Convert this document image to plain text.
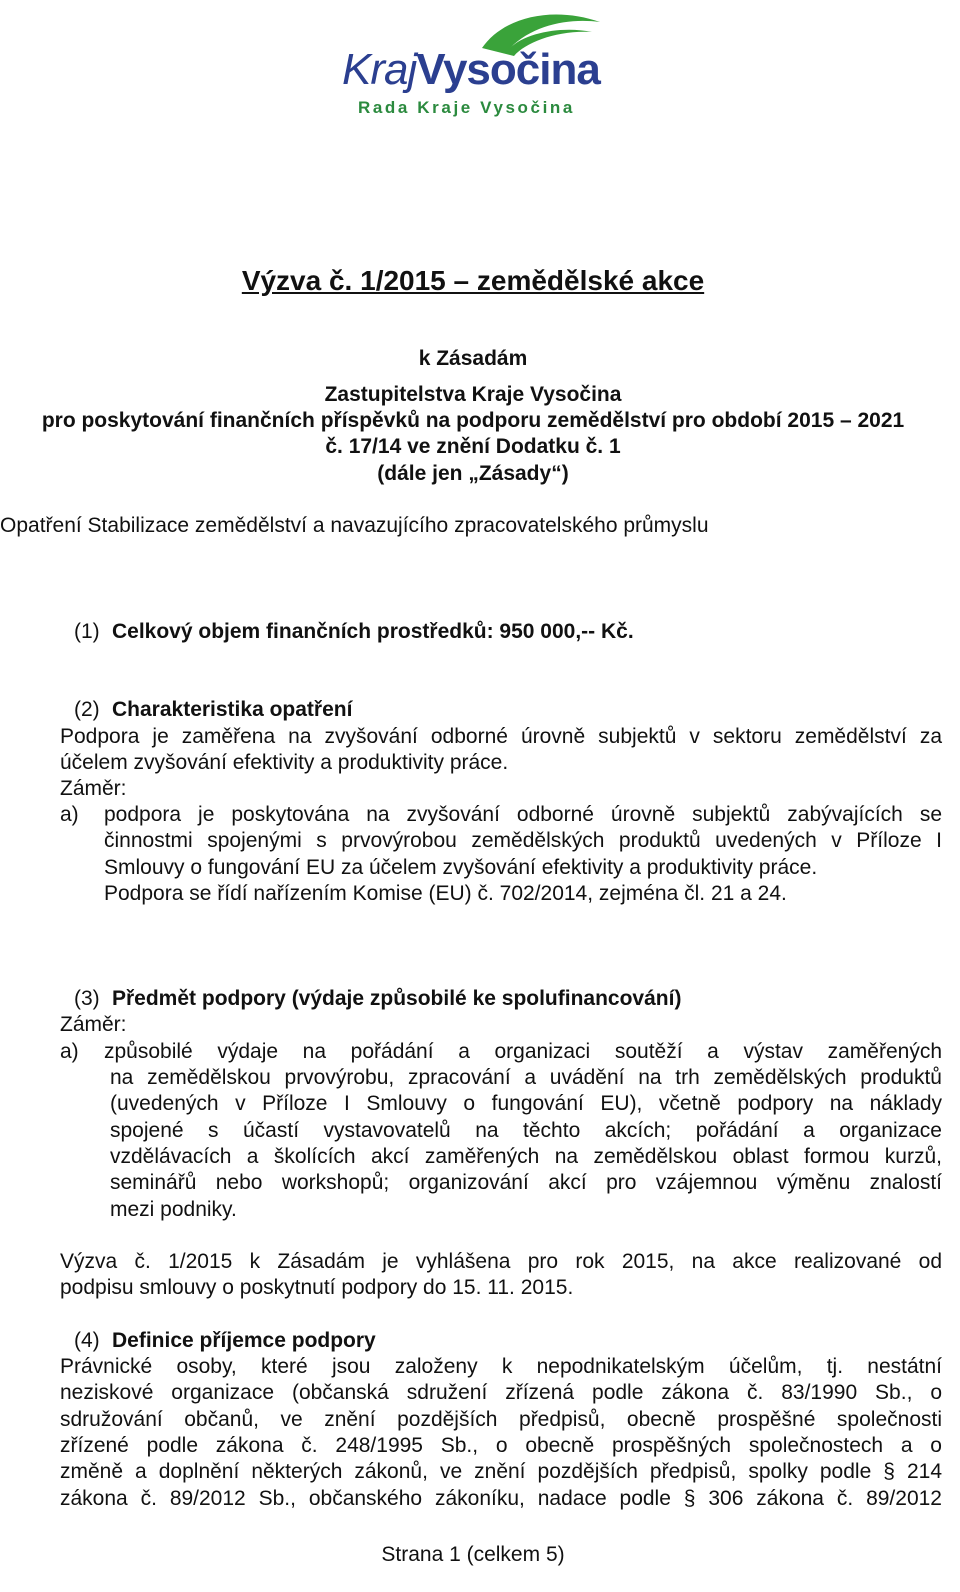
KrajVysočina
Rada Kraje Vysočina
Výzva č. 1/2015 – zemědělské akce
k Zásadám
Zastupitelstva Kraje Vysočina
pro poskytování finančních příspěvků na podporu zemědělství pro období 2015 – 2021
č. 17/14 ve znění Dodatku č. 1
(dále jen „Zásady“)
Opatření Stabilizace zemědělství a navazujícího zpracovatelského průmyslu
(1) Celkový objem finančních prostředků: 950 000,-- Kč.
(2) Charakteristika opatření
Podpora je zaměřena na zvyšování odborné úrovně subjektů v sektoru zemědělství za
účelem zvyšování efektivity a produktivity práce.
Záměr:
a) podpora je poskytována na zvyšování odborné úrovně subjektů zabývajících se
činnostmi spojenými s prvovýrobou zemědělských produktů uvedených v Příloze I
Smlouvy o fungování EU za účelem zvyšování efektivity a produktivity práce.
Podpora se řídí nařízením Komise (EU) č. 702/2014, zejména čl. 21 a 24.
(3) Předmět podpory (výdaje způsobilé ke spolufinancování)
Záměr:
a) způsobilé výdaje na pořádání a organizaci soutěží a výstav zaměřených
na zemědělskou prvovýrobu, zpracování a uvádění na trh zemědělských produktů
(uvedených v Příloze I Smlouvy o fungování EU), včetně podpory na náklady
spojené s účastí vystavovatelů na těchto akcích; pořádání a organizace
vzdělávacích a školících akcí zaměřených na zemědělskou oblast formou kurzů,
seminářů nebo workshopů; organizování akcí pro vzájemnou výměnu znalostí
mezi podniky.
Výzva č. 1/2015 k Zásadám je vyhlášena pro rok 2015, na akce realizované od
podpisu smlouvy o poskytnutí podpory do 15. 11. 2015.
(4) Definice příjemce podpory
Právnické osoby, které jsou založeny k nepodnikatelským účelům, tj. nestátní
neziskové organizace (občanská sdružení zřízená podle zákona č. 83/1990 Sb., o
sdružování občanů, ve znění pozdějších předpisů, obecně prospěšné společnosti
zřízené podle zákona č. 248/1995 Sb., o obecně prospěšných společnostech a o
změně a doplnění některých zákonů, ve znění pozdějších předpisů, spolky podle § 214
zákona č. 89/2012 Sb., občanského zákoníku, nadace podle § 306 zákona č. 89/2012
Strana 1 (celkem 5)
